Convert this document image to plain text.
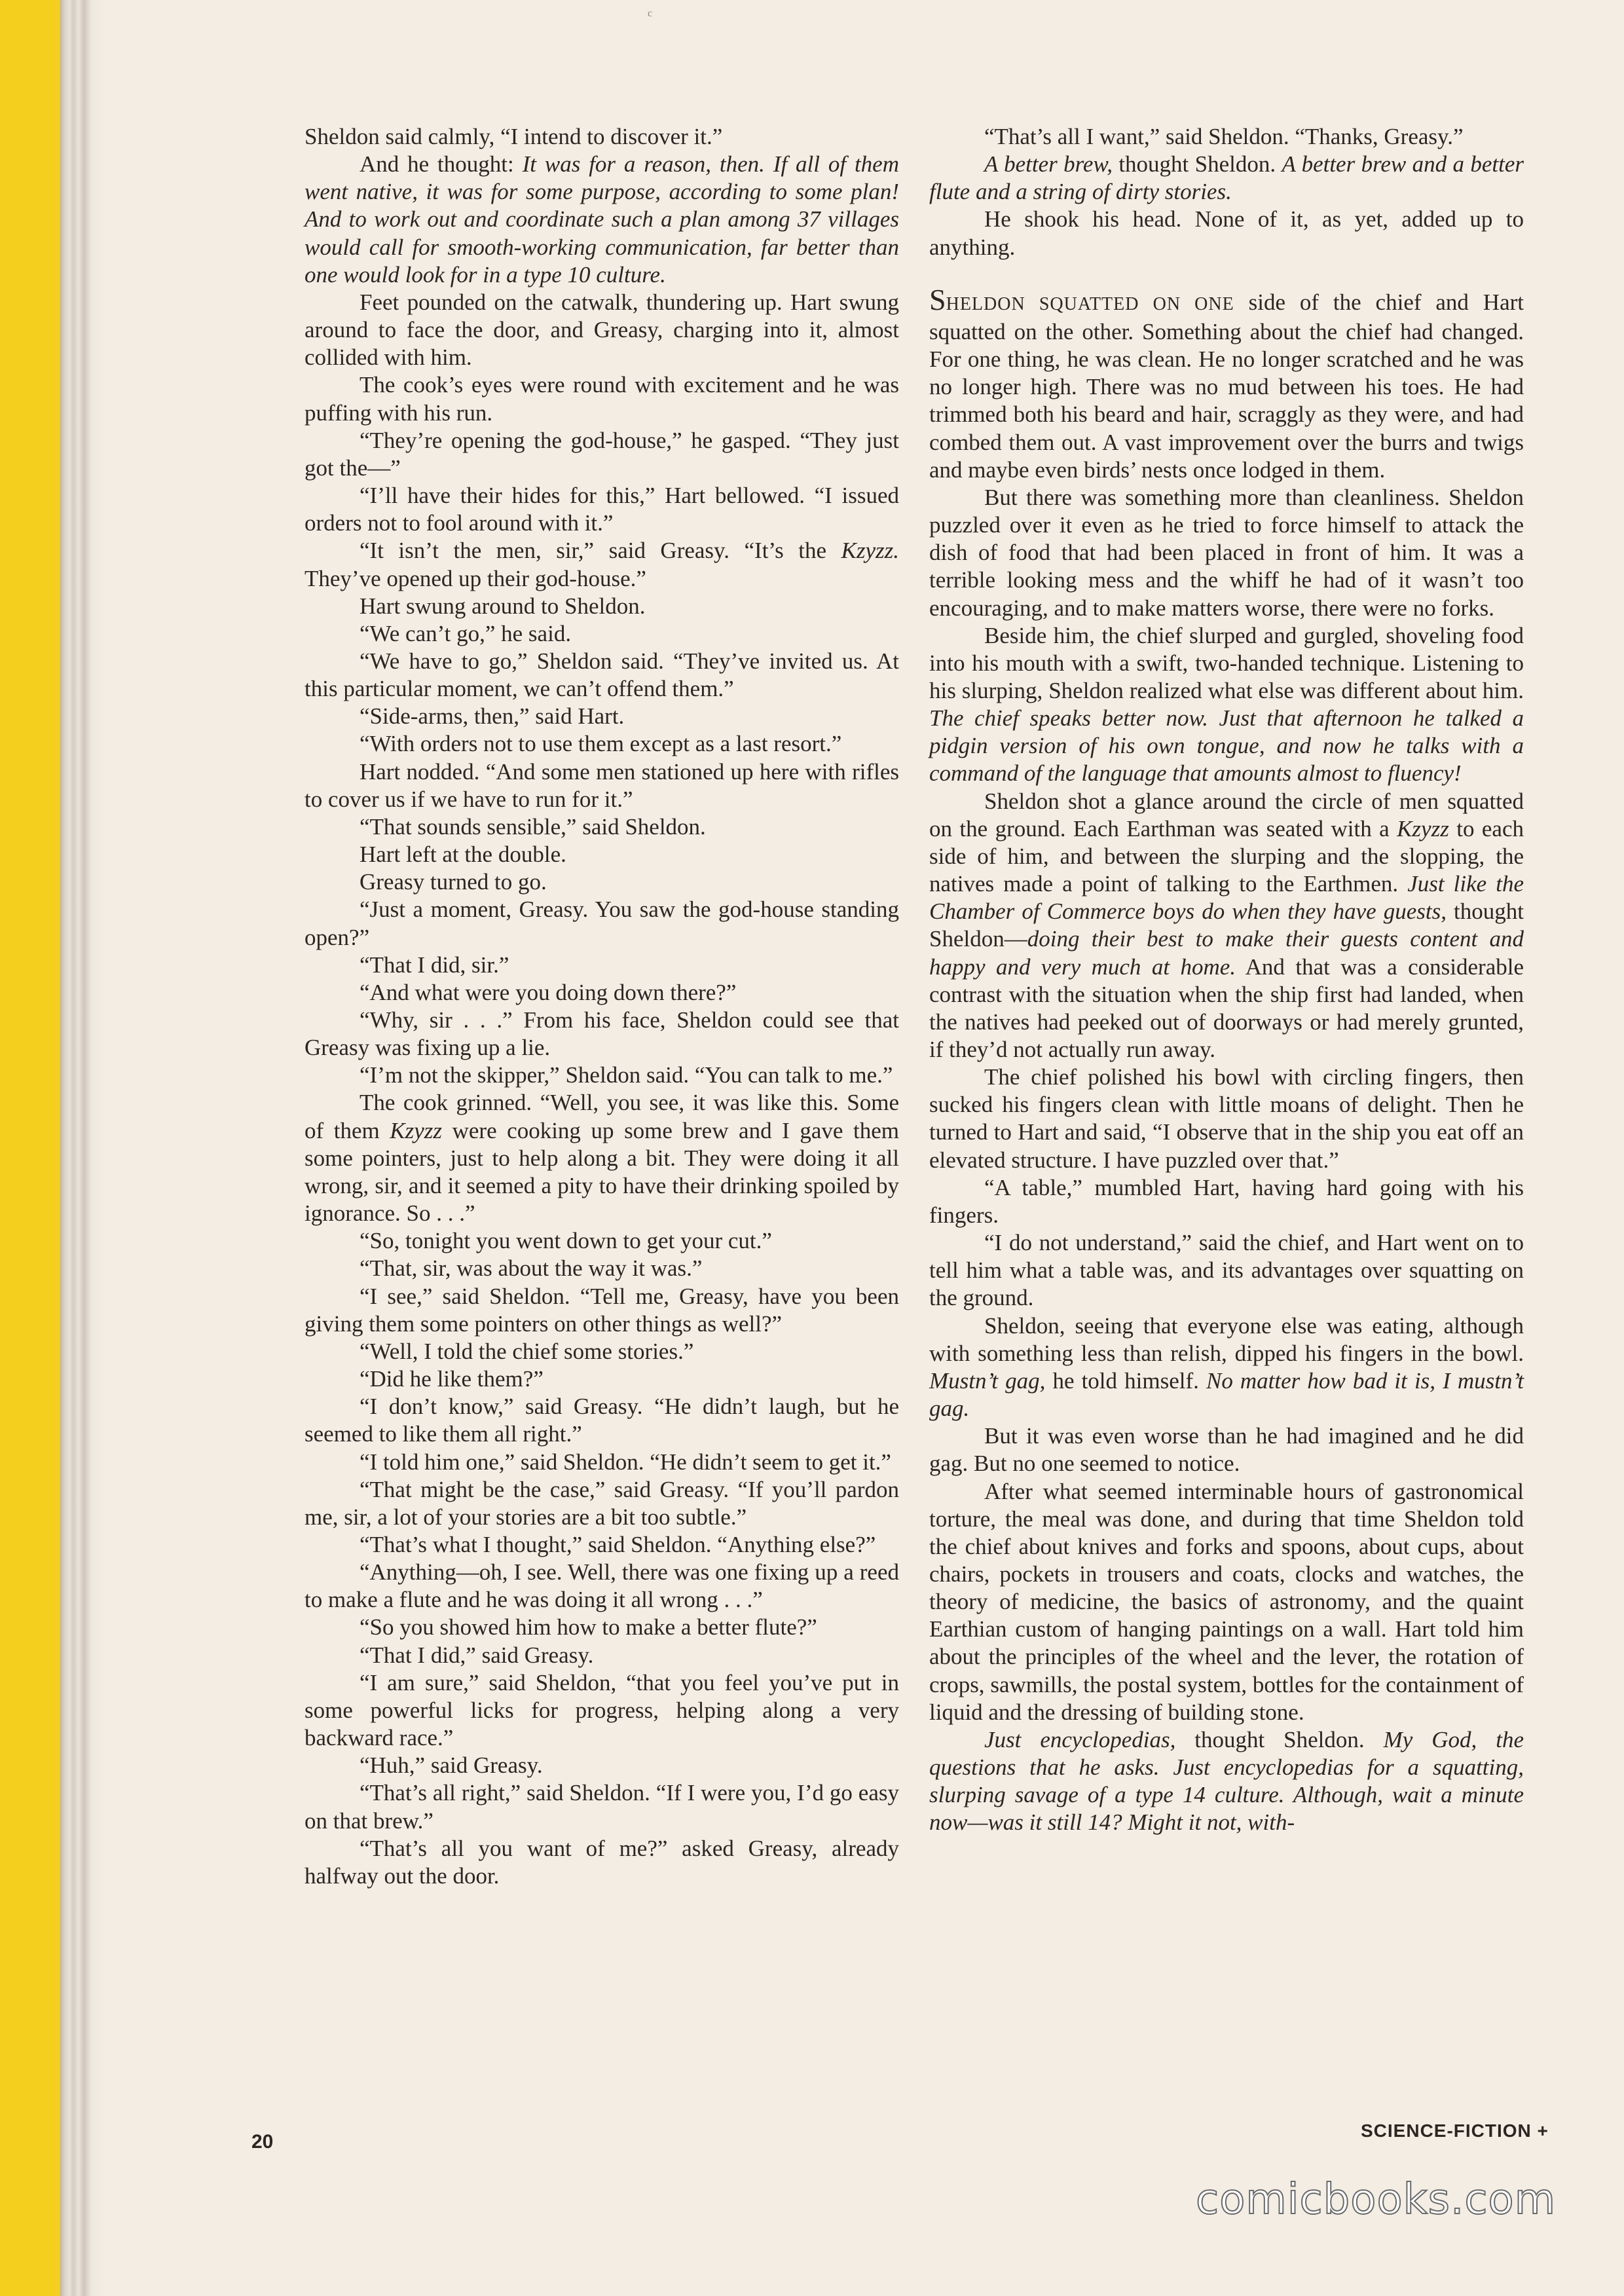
c

Sheldon said calmly, “I intend to discover it.”

And he thought: It was for a reason, then. If all of them went native, it was for some purpose, according to some plan! And to work out and coordinate such a plan among 37 villages would call for smooth-working communication, far better than one would look for in a type 10 culture.

Feet pounded on the catwalk, thundering up. Hart swung around to face the door, and Greasy, charging into it, almost collided with him.

The cook’s eyes were round with excitement and he was puffing with his run.

“They’re opening the god-house,” he gasped. “They just got the—”

“I’ll have their hides for this,” Hart bellowed. “I issued orders not to fool around with it.”

“It isn’t the men, sir,” said Greasy. “It’s the Kzyzz. They’ve opened up their god-house.”

Hart swung around to Sheldon.

“We can’t go,” he said.

“We have to go,” Sheldon said. “They’ve invited us. At this particular moment, we can’t offend them.”

“Side-arms, then,” said Hart.

“With orders not to use them except as a last resort.”

Hart nodded. “And some men stationed up here with rifles to cover us if we have to run for it.”

“That sounds sensible,” said Sheldon.

Hart left at the double.

Greasy turned to go.

“Just a moment, Greasy. You saw the god-house standing open?”

“That I did, sir.”

“And what were you doing down there?”

“Why, sir . . .” From his face, Sheldon could see that Greasy was fixing up a lie.

“I’m not the skipper,” Sheldon said. “You can talk to me.”

The cook grinned. “Well, you see, it was like this. Some of them Kzyzz were cooking up some brew and I gave them some pointers, just to help along a bit. They were doing it all wrong, sir, and it seemed a pity to have their drinking spoiled by ignorance. So . . .”

“So, tonight you went down to get your cut.”

“That, sir, was about the way it was.”

“I see,” said Sheldon. “Tell me, Greasy, have you been giving them some pointers on other things as well?”

“Well, I told the chief some stories.”

“Did he like them?”

“I don’t know,” said Greasy. “He didn’t laugh, but he seemed to like them all right.”

“I told him one,” said Sheldon. “He didn’t seem to get it.”

“That might be the case,” said Greasy. “If you’ll pardon me, sir, a lot of your stories are a bit too subtle.”

“That’s what I thought,” said Sheldon. “Anything else?”

“Anything—oh, I see. Well, there was one fixing up a reed to make a flute and he was doing it all wrong . . .”

“So you showed him how to make a better flute?”

“That I did,” said Greasy.

“I am sure,” said Sheldon, “that you feel you’ve put in some powerful licks for progress, helping along a very backward race.”

“Huh,” said Greasy.

“That’s all right,” said Sheldon. “If I were you, I’d go easy on that brew.”

“That’s all you want of me?” asked Greasy, already halfway out the door.

“That’s all I want,” said Sheldon. “Thanks, Greasy.”

A better brew, thought Sheldon. A better brew and a better flute and a string of dirty stories.

He shook his head. None of it, as yet, added up to anything.

SHELDON SQUATTED ON ONE side of the chief and Hart squatted on the other. Something about the chief had changed. For one thing, he was clean. He no longer scratched and he was no longer high. There was no mud between his toes. He had trimmed both his beard and hair, scraggly as they were, and had combed them out. A vast improvement over the burrs and twigs and maybe even birds’ nests once lodged in them.

But there was something more than cleanliness. Sheldon puzzled over it even as he tried to force himself to attack the dish of food that had been placed in front of him. It was a terrible looking mess and the whiff he had of it wasn’t too encouraging, and to make matters worse, there were no forks.

Beside him, the chief slurped and gurgled, shoveling food into his mouth with a swift, two-handed technique. Listening to his slurping, Sheldon realized what else was different about him. The chief speaks better now. Just that afternoon he talked a pidgin version of his own tongue, and now he talks with a command of the language that amounts almost to fluency!

Sheldon shot a glance around the circle of men squatted on the ground. Each Earthman was seated with a Kzyzz to each side of him, and between the slurping and the slopping, the natives made a point of talking to the Earthmen. Just like the Chamber of Commerce boys do when they have guests, thought Sheldon—doing their best to make their guests content and happy and very much at home. And that was a considerable contrast with the situation when the ship first had landed, when the natives had peeked out of doorways or had merely grunted, if they’d not actually run away.

The chief polished his bowl with circling fingers, then sucked his fingers clean with little moans of delight. Then he turned to Hart and said, “I observe that in the ship you eat off an elevated structure. I have puzzled over that.”

“A table,” mumbled Hart, having hard going with his fingers.

“I do not understand,” said the chief, and Hart went on to tell him what a table was, and its advantages over squatting on the ground.

Sheldon, seeing that everyone else was eating, although with something less than relish, dipped his fingers in the bowl. Mustn’t gag, he told himself. No matter how bad it is, I mustn’t gag.

But it was even worse than he had imagined and he did gag. But no one seemed to notice.

After what seemed interminable hours of gastronomical torture, the meal was done, and during that time Sheldon told the chief about knives and forks and spoons, about cups, about chairs, pockets in trousers and coats, clocks and watches, the theory of medicine, the basics of astronomy, and the quaint Earthian custom of hanging paintings on a wall. Hart told him about the principles of the wheel and the lever, the rotation of crops, sawmills, the postal system, bottles for the containment of liquid and the dressing of building stone.

Just encyclopedias, thought Sheldon. My God, the questions that he asks. Just encyclopedias for a squatting, slurping savage of a type 14 culture. Although, wait a minute now—was it still 14? Might it not, with-

20
SCIENCE-FICTION +
comicbooks.com
